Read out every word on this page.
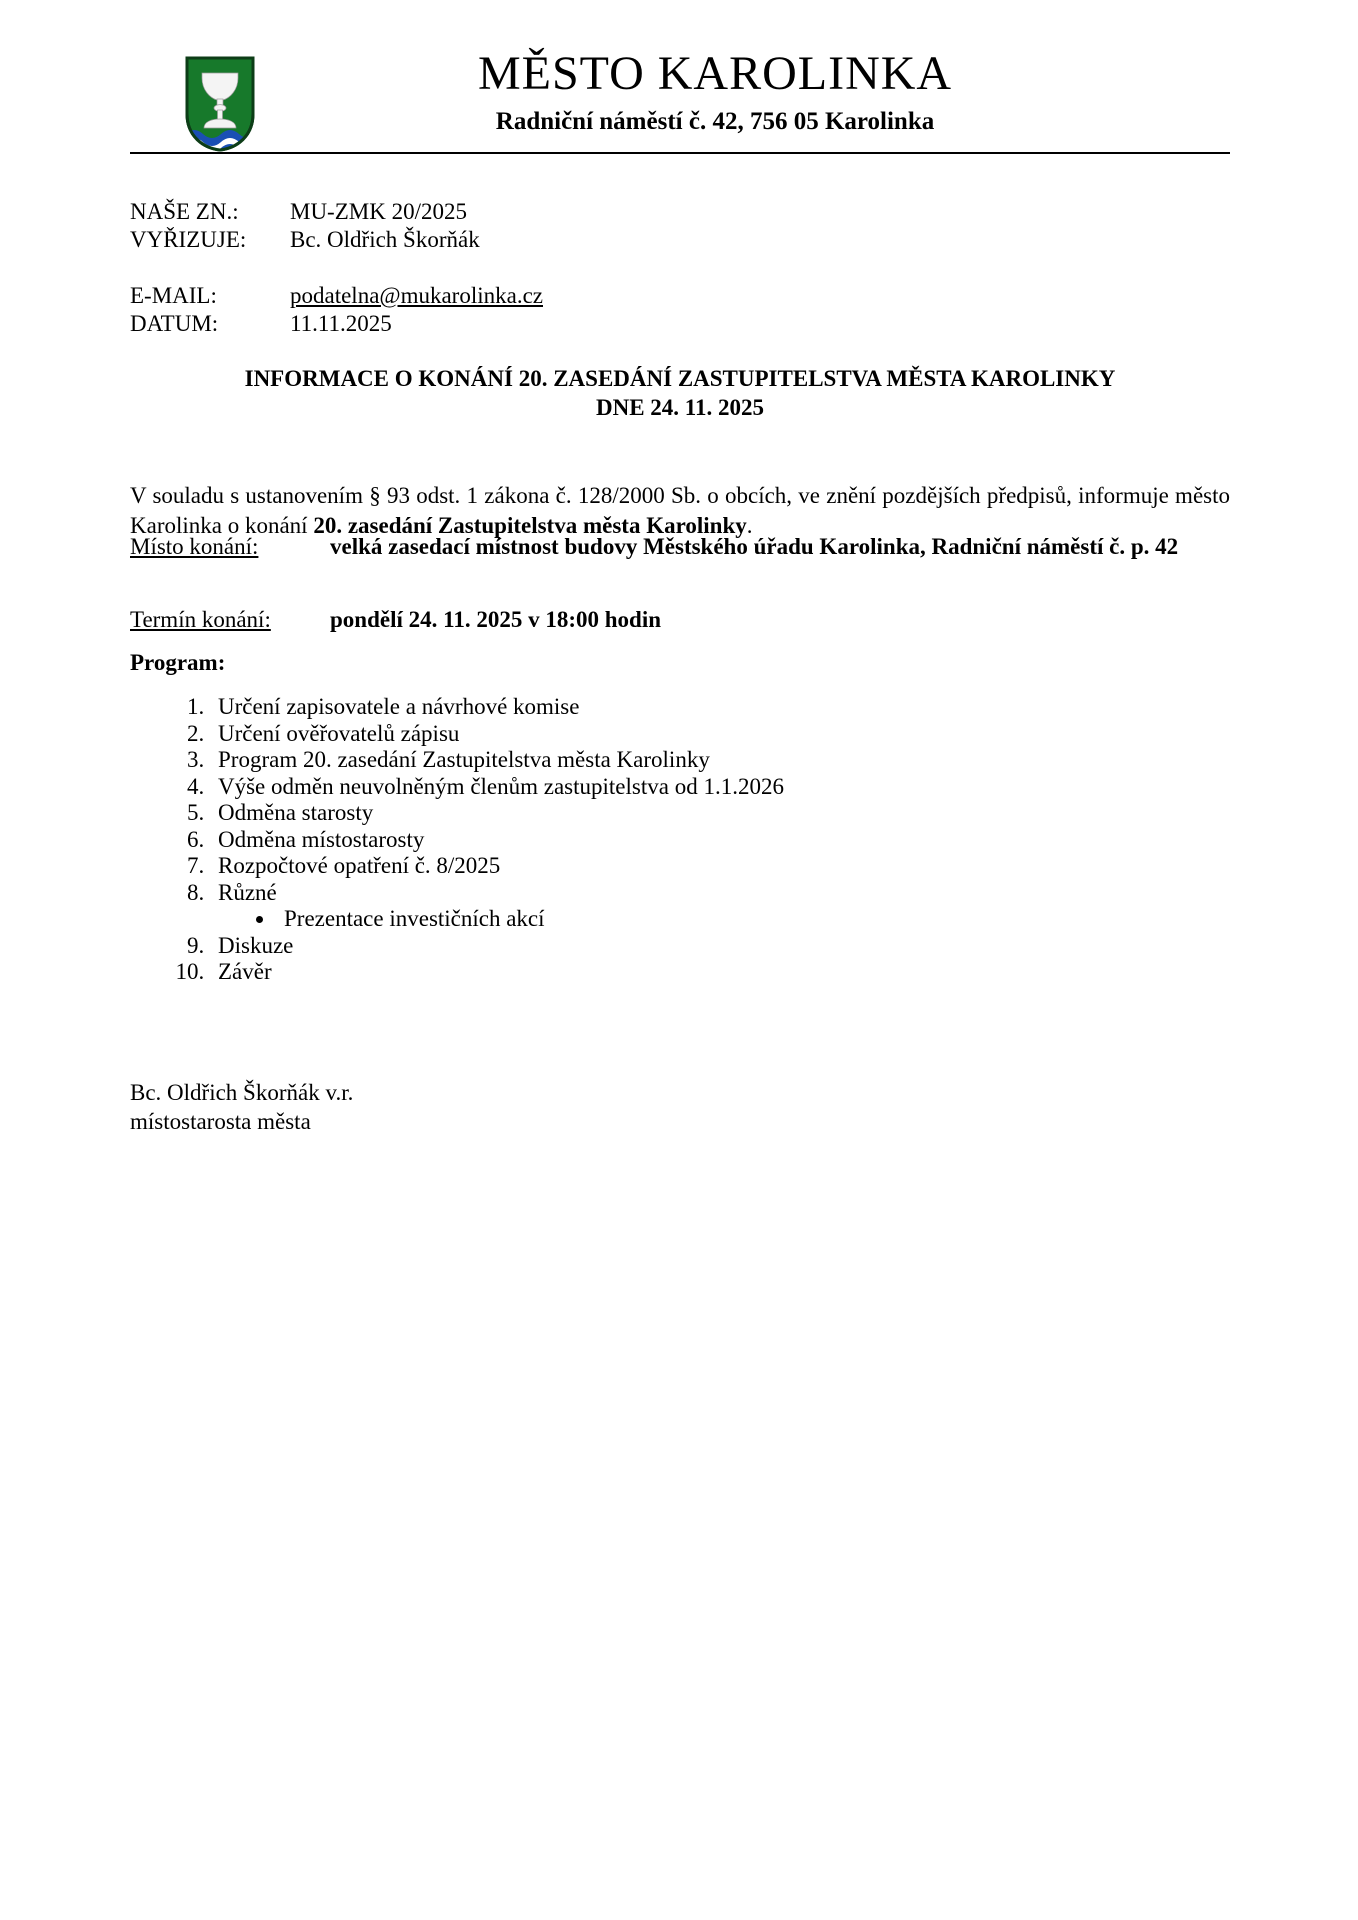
MĚSTO KAROLINKA
Radniční náměstí č. 42, 756 05 Karolinka
NAŠE ZN.:	MU-ZMK 20/2025
VYŘIZUJE:	Bc. Oldřich Škorňák
E-MAIL:	podatelna@mukarolinka.cz
DATUM:	11.11.2025
INFORMACE O KONÁNÍ 20. ZASEDÁNÍ ZASTUPITELSTVA MĚSTA KAROLINKY
DNE 24. 11. 2025

V souladu s ustanovením § 93 odst. 1 zákona č. 128/2000 Sb. o obcích, ve znění pozdějších předpisů, informuje město Karolinka o konání 20. zasedání Zastupitelstva města Karolinky.

Místo konání:	velká zasedací místnost budovy Městského úřadu Karolinka, Radniční náměstí č. p. 42
Termín konání:	pondělí 24. 11. 2025 v 18:00 hodin
Program:
1. Určení zapisovatele a návrhové komise
2. Určení ověřovatelů zápisu
3. Program 20. zasedání Zastupitelstva města Karolinky
4. Výše odměn neuvolněným členům zastupitelstva od 1.1.2026
5. Odměna starosty
6. Odměna místostarosty
7. Rozpočtové opatření č. 8/2025
8. Různé
• Prezentace investičních akcí
9. Diskuze
10. Závěr
Bc. Oldřich Škorňák v.r.
místostarosta města
